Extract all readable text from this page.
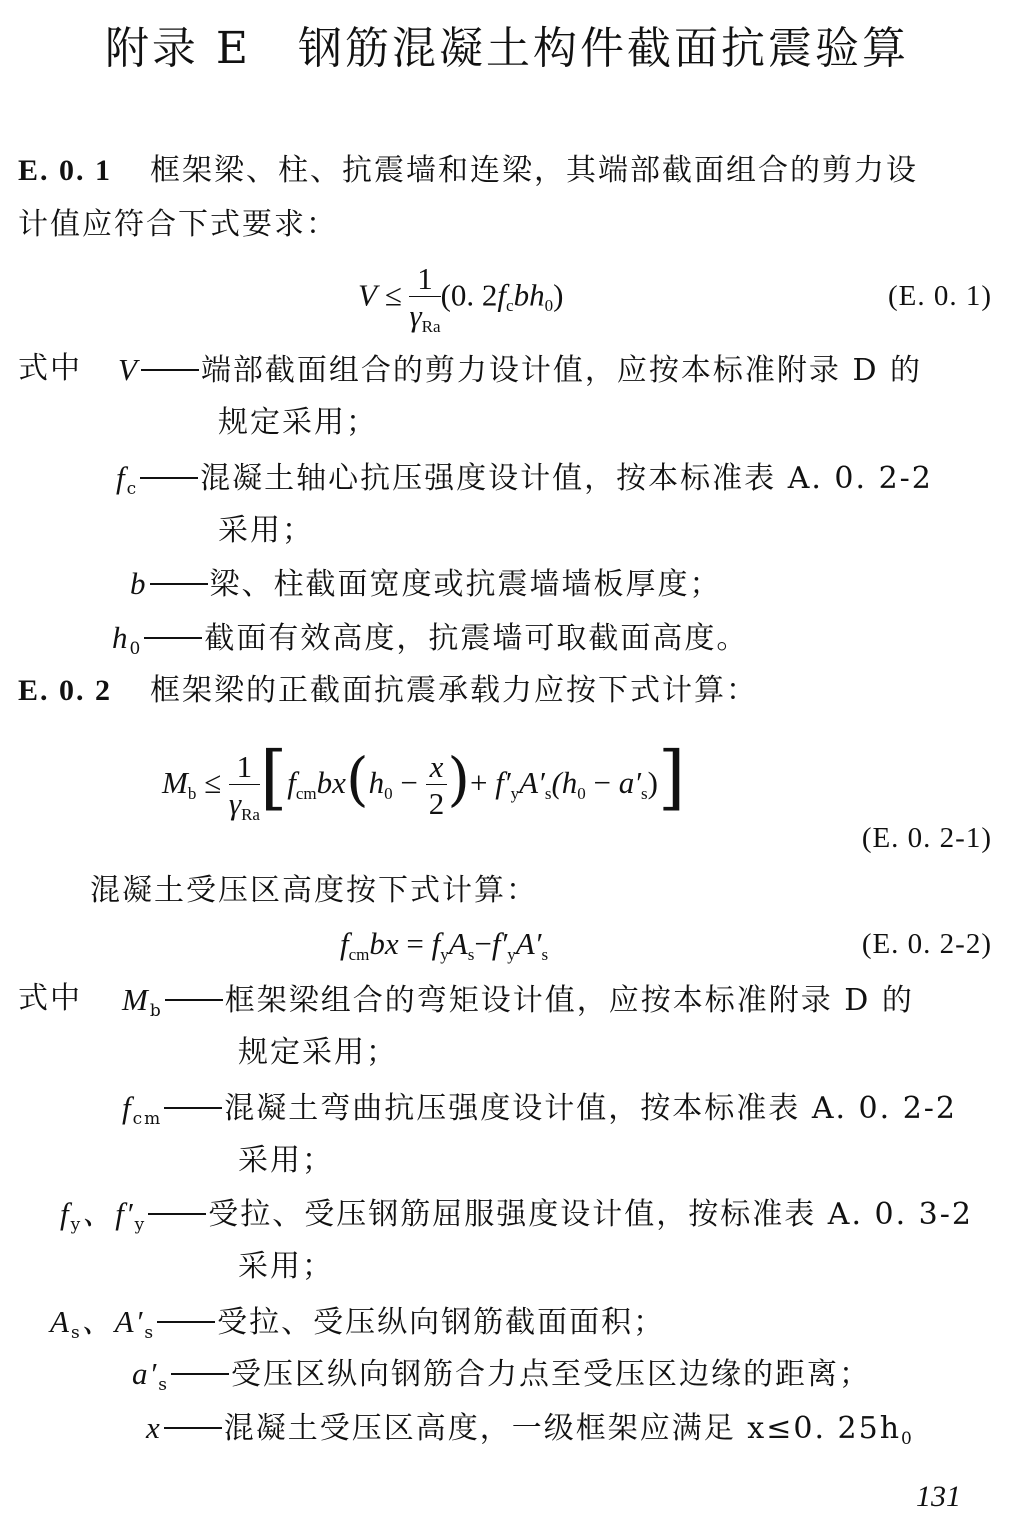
附录 E　钢筋混凝土构件截面抗震验算
E. 0. 1 框架梁、柱、抗震墙和连梁，其端部截面组合的剪力设
计值应符合下式要求：
$V \le \frac{1}{\text{γRa}} (0$. 2fcbh0)	(E. 0. 1)
式中 V 端部截面组合的剪力设计值，应按本标准附录 D 的
规定采用；
$f_c$ 混凝土轴心抗压强度设计值，按本标准表 A. 0. 2-2
采用；
b 梁、柱截面宽度或抗震墙墙板厚度；
$h_0$ 截面有效高度，抗震墙可取截面高度。
E. 0. 2 框架梁的正截面抗震承载力应按下式计算：
$Mb \le \frac{1}{\text{γRa}}$ [fcmbx(h0 − $\frac{x}{2}$ )+ f′yA′s(h0 − a′s)]
(E. 0. 2-1)
混凝土受压区高度按下式计算：
fcmbx = fyAs−f′yA′s	(E. 0. 2-2)
式中 $M_b$ 框架梁组合的弯矩设计值，应按本标准附录 D 的
规定采用；
$f_{cm}$ 混凝土弯曲抗压强度设计值，按本标准表 A. 0. 2-2
采用；
$f_y$、$f'_y$ 受拉、受压钢筋屈服强度设计值，按标准表 A. 0. 3-2
采用；
$A_s$、$A'_s$ 受拉、受压纵向钢筋截面面积；
$a'_s$ 受压区纵向钢筋合力点至受压区边缘的距离；
x 混凝土受压区高度，一级框架应满足 x≤0. $25h_0$
131
